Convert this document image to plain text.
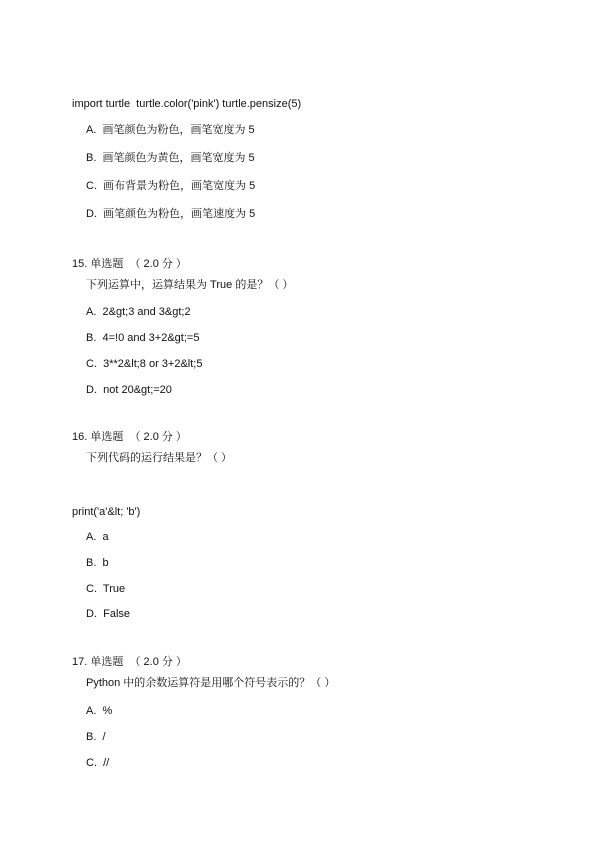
import turtle  turtle.color('pink') turtle.pensize(5)
A.  画笔颜色为粉色，画笔宽度为 5
B.  画笔颜色为黄色，画笔宽度为 5
C.  画布背景为粉色，画笔宽度为 5
D.  画笔颜色为粉色，画笔速度为 5
15. 单选题  （ 2.0 分 ）
下列运算中，运算结果为 True 的是？（ ）
A.  2&gt;3 and 3&gt;2
B.  4=!0 and 3+2&gt;=5
C.  3**2&lt;8 or 3+2&lt;5
D.  not 20&gt;=20
16. 单选题  （ 2.0 分 ）
下列代码的运行结果是？（ ）
print('a'&lt; 'b')
A.  a
B.  b
C.  True
D.  False
17. 单选题  （ 2.0 分 ）
Python 中的余数运算符是用哪个符号表示的？（ ）
A.  %
B.  /
C.  //
